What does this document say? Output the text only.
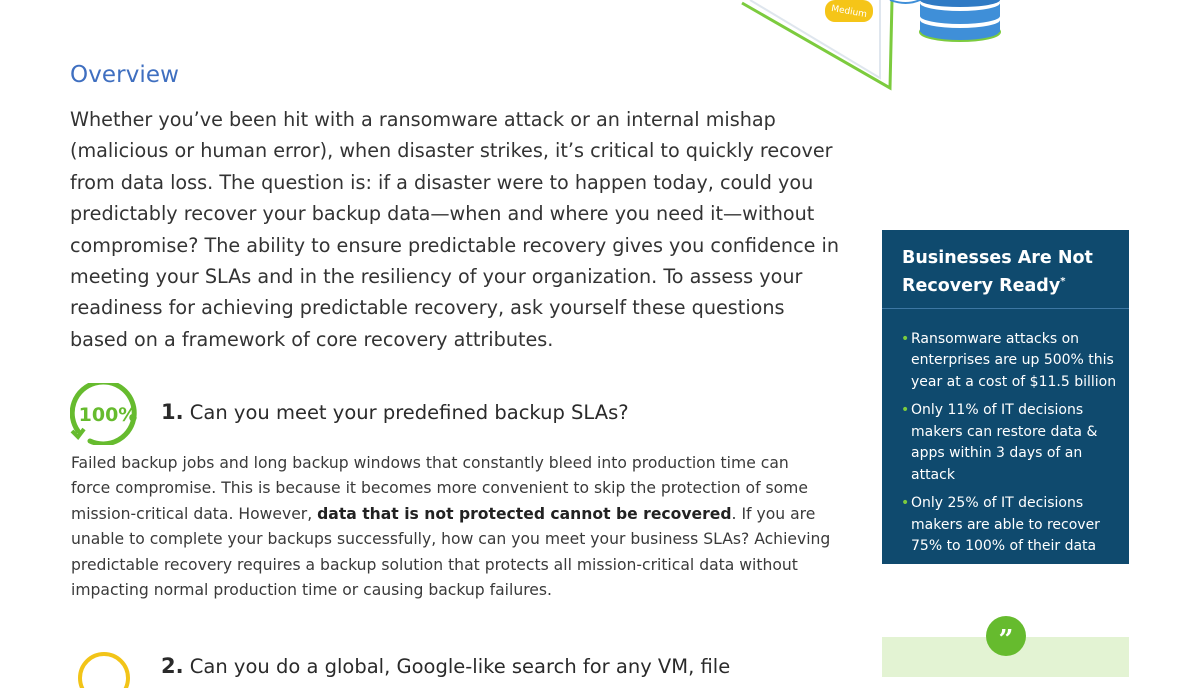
Medium
Overview

Whether you’ve been hit with a ransomware attack or an internal mishap (malicious or human error), when disaster strikes, it’s critical to quickly recover from data loss. The question is: if a disaster were to happen today, could you predictably recover your backup data—when and where you need it—without compromise? The ability to ensure predictable recovery gives you confidence in meeting your SLAs and in the resiliency of your organization. To assess your readiness for achieving predictable recovery, ask yourself these questions based on a framework of core recovery attributes.

100% 1. Can you meet your predefined backup SLAs?

Failed backup jobs and long backup windows that constantly bleed into production time can force compromise. This is because it becomes more convenient to skip the protection of some mission-critical data. However, data that is not protected cannot be recovered. If you are unable to complete your backups successfully, how can you meet your business SLAs? Achieving predictable recovery requires a backup solution that protects all mission-critical data without impacting normal production time or causing backup failures.

2. Can you do a global, Google-like search for any VM, file
Businesses Are Not Recovery Ready*
• Ransomware attacks on enterprises are up 500% this year at a cost of $11.5 billion
• Only 11% of IT decisions makers can restore data & apps within 3 days of an attack
• Only 25% of IT decisions makers are able to recover 75% to 100% of their data
”
